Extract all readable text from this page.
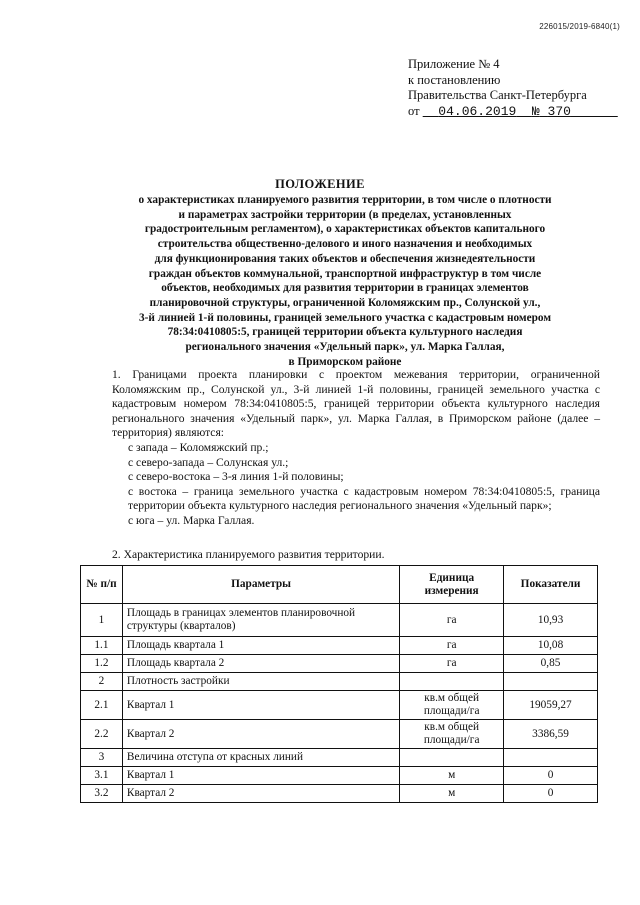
226015/2019-6840(1)
Приложение № 4
к постановлению
Правительства Санкт-Петербурга
от 04.06.2019 № 370
ПОЛОЖЕНИЕ
о характеристиках планируемого развития территории, в том числе о плотности
и параметрах застройки территории (в пределах, установленных
градостроительным регламентом), о характеристиках объектов капитального
строительства общественно-делового и иного назначения и необходимых
для функционирования таких объектов и обеспечения жизнедеятельности
граждан объектов коммунальной, транспортной инфраструктур в том числе
объектов, необходимых для развития территории в границах элементов
планировочной структуры, ограниченной Коломяжским пр., Солунской ул.,
3-й линией 1-й половины, границей земельного участка с кадастровым номером
78:34:0410805:5, границей территории объекта культурного наследия
регионального значения «Удельный парк», ул. Марка Галлая,
в Приморском районе
1. Границами проекта планировки с проектом межевания территории, ограниченной Коломяжским пр., Солунской ул., 3-й линией 1-й половины, границей земельного участка с кадастровым номером 78:34:0410805:5, границей территории объекта культурного наследия регионального значения «Удельный парк», ул. Марка Галлая, в Приморском районе (далее – территория) являются:
с запада – Коломяжский пр.;
с северо-запада – Солунская ул.;
с северо-востока – 3-я линия 1-й половины;
с востока – граница земельного участка с кадастровым номером 78:34:0410805:5, граница территории объекта культурного наследия регионального значения «Удельный парк»;
с юга – ул. Марка Галлая.
2. Характеристика планируемого развития территории.
№ п/п	Параметры	Единица измерения	Показатели
1	Площадь в границах элементов планировочной структуры (кварталов)	га	10,93
1.1	Площадь квартала 1	га	10,08
1.2	Площадь квартала 2	га	0,85
2	Плотность застройки		
2.1	Квартал 1	кв.м общей площади/га	19059,27
2.2	Квартал 2	кв.м общей площади/га	3386,59
3	Величина отступа от красных линий		
3.1	Квартал 1	м	0
3.2	Квартал 2	м	0
